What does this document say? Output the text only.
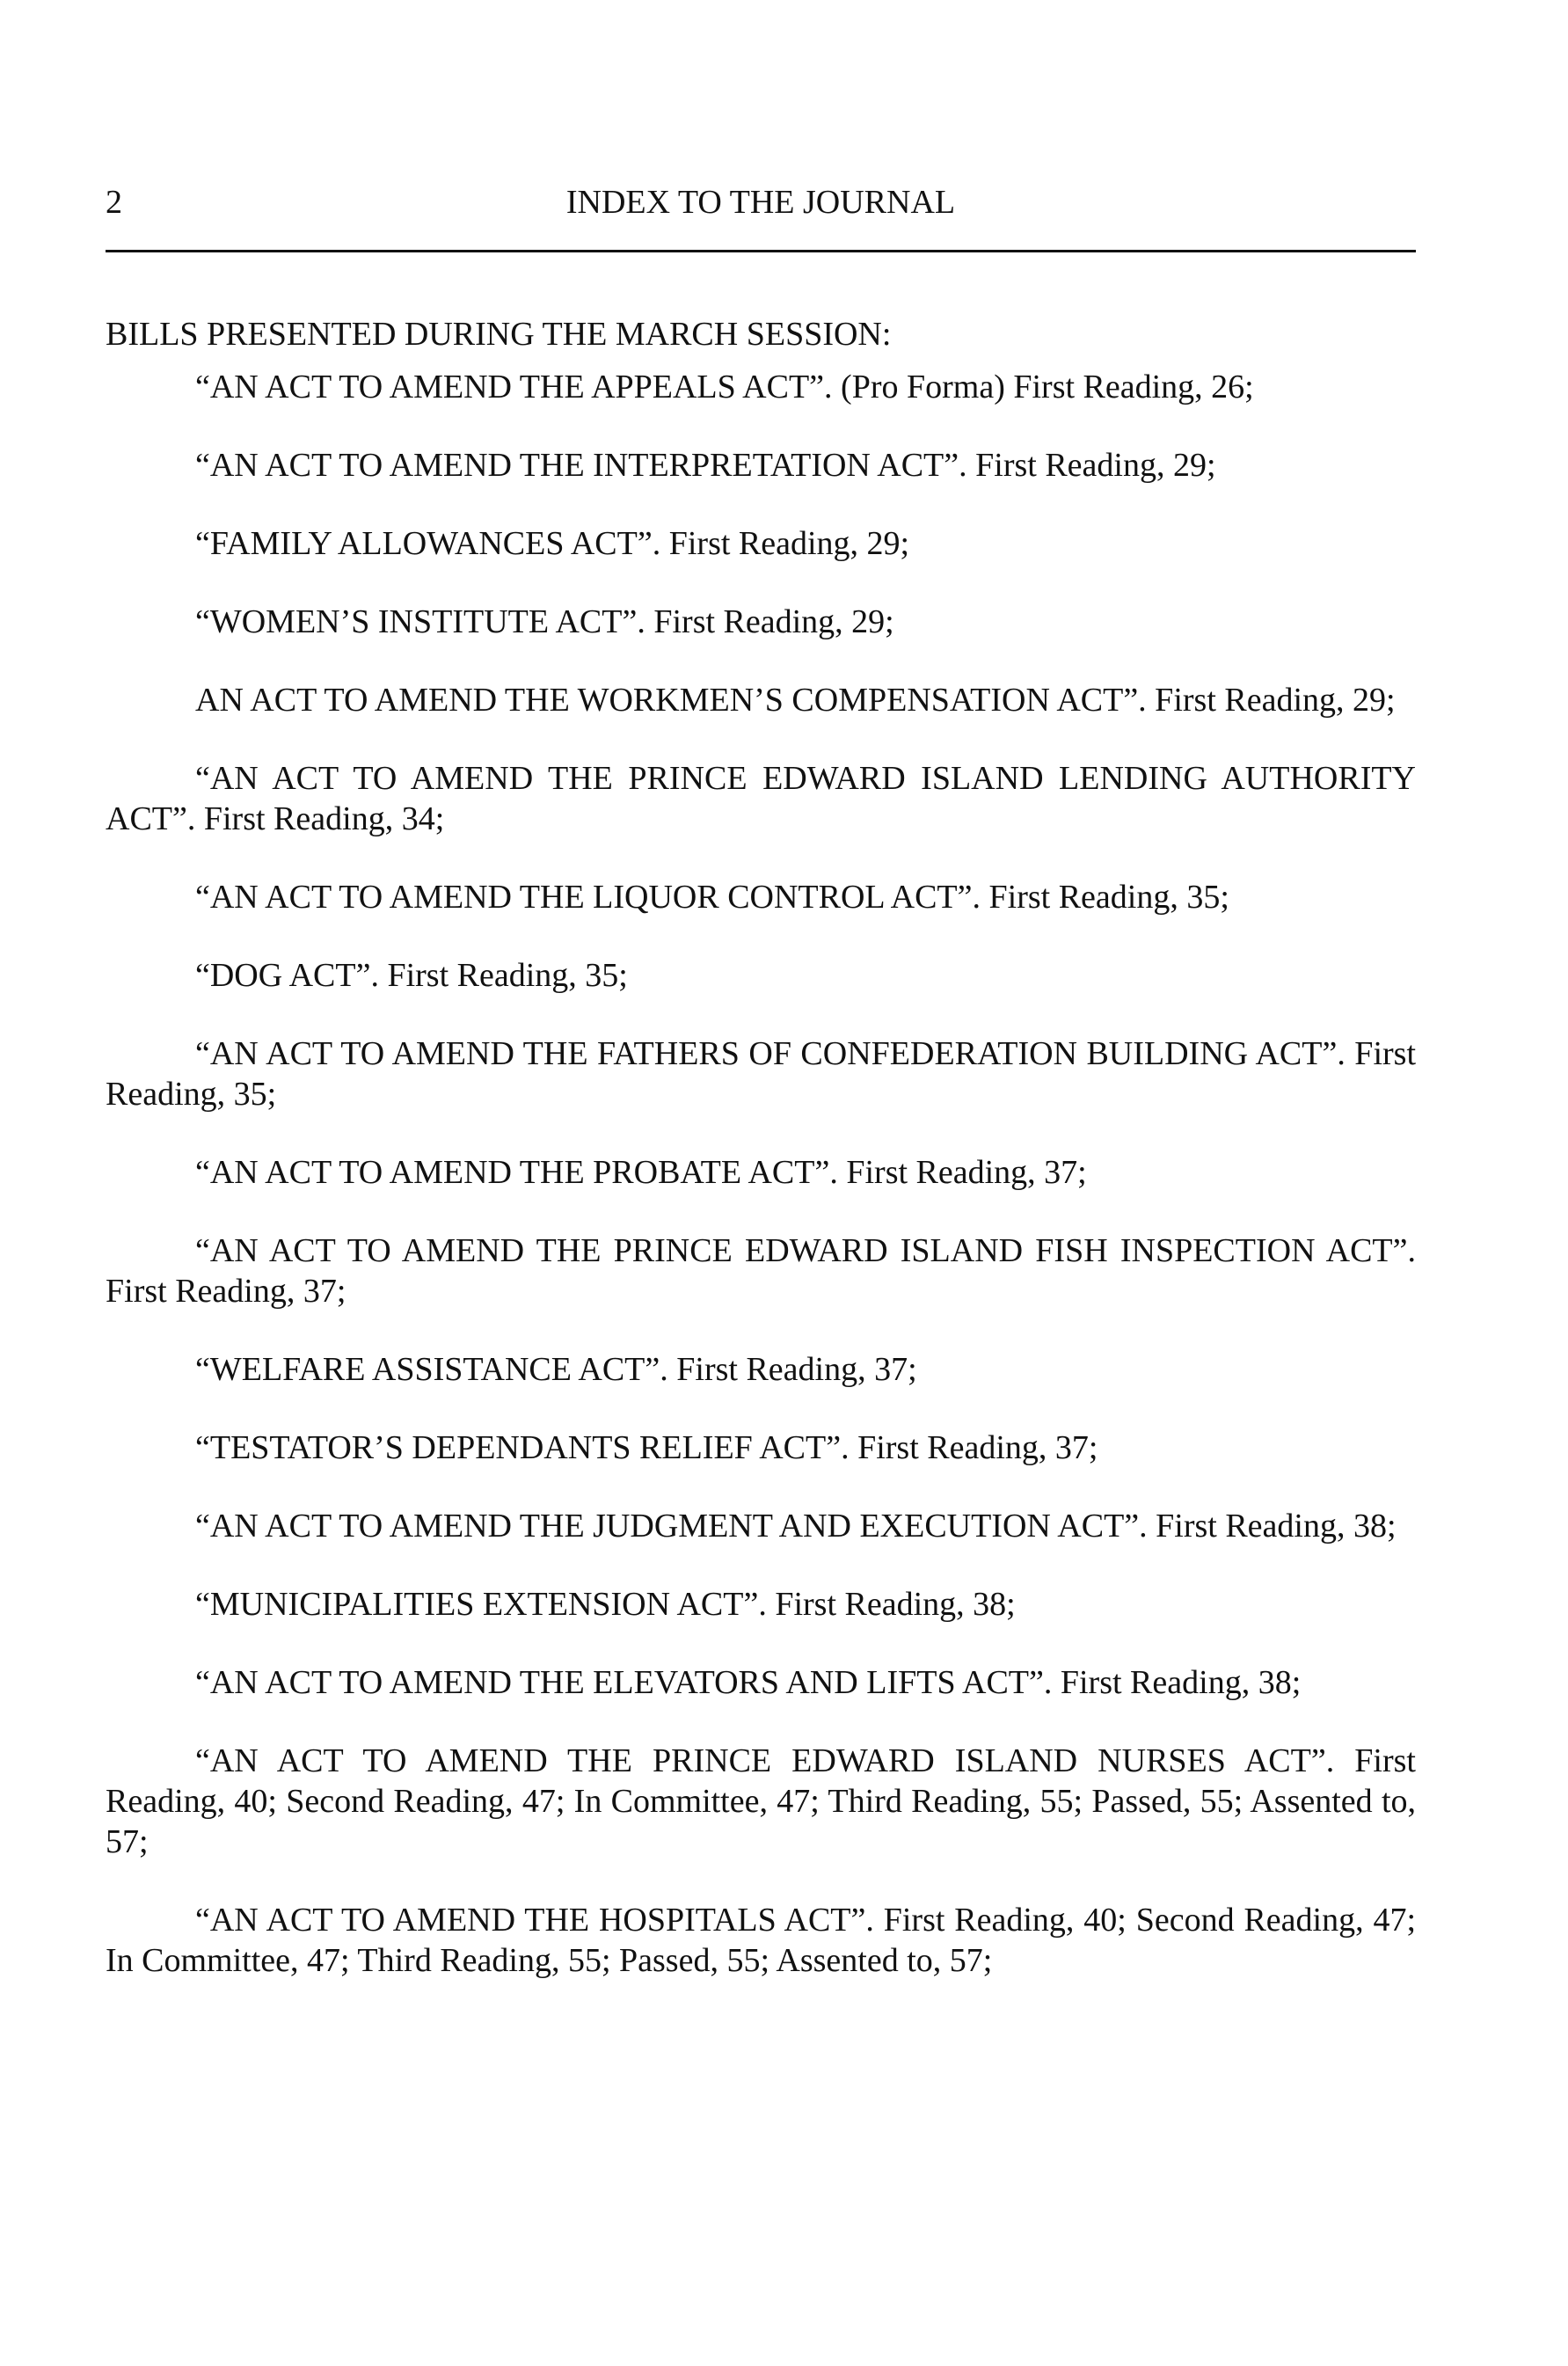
2	INDEX TO THE JOURNAL
BILLS PRESENTED DURING THE MARCH SESSION:

“AN ACT TO AMEND THE APPEALS ACT”. (Pro Forma) First Reading, 26;

“AN ACT TO AMEND THE INTERPRETATION ACT”. First Reading, 29;

“FAMILY ALLOWANCES ACT”. First Reading, 29;

“WOMEN’S INSTITUTE ACT”. First Reading, 29;

AN ACT TO AMEND THE WORKMEN’S COMPENSATION ACT”. First Reading, 29;

“AN ACT TO AMEND THE PRINCE EDWARD ISLAND LENDING AUTHORITY ACT”. First Reading, 34;

“AN ACT TO AMEND THE LIQUOR CONTROL ACT”. First Reading, 35;

“DOG ACT”. First Reading, 35;

“AN ACT TO AMEND THE FATHERS OF CONFEDERATION BUILDING ACT”. First Reading, 35;

“AN ACT TO AMEND THE PROBATE ACT”. First Reading, 37;

“AN ACT TO AMEND THE PRINCE EDWARD ISLAND FISH INSPECTION ACT”. First Reading, 37;

“WELFARE ASSISTANCE ACT”. First Reading, 37;

“TESTATOR’S DEPENDANTS RELIEF ACT”. First Reading, 37;

“AN ACT TO AMEND THE JUDGMENT AND EXECUTION ACT”. First Reading, 38;

“MUNICIPALITIES EXTENSION ACT”. First Reading, 38;

“AN ACT TO AMEND THE ELEVATORS AND LIFTS ACT”. First Reading, 38;

“AN ACT TO AMEND THE PRINCE EDWARD ISLAND NURSES ACT”. First Reading, 40; Second Reading, 47; In Committee, 47; Third Reading, 55; Passed, 55; Assented to, 57;

“AN ACT TO AMEND THE HOSPITALS ACT”. First Reading, 40; Second Reading, 47; In Committee, 47; Third Reading, 55; Passed, 55; Assented to, 57;
